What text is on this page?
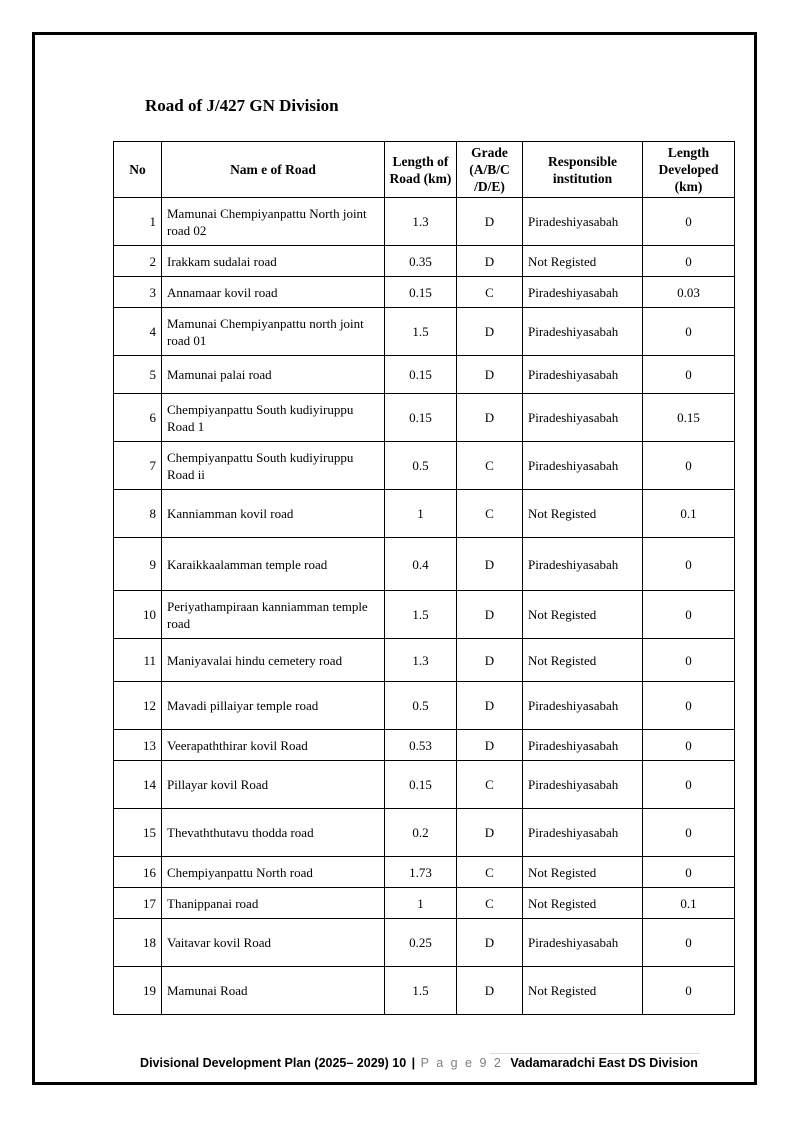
Road of J/427 GN Division
No	Nam e of Road	Length of Road (km)	Grade (A/B/C /D/E)	Responsible institution	Length Developed (km)
1	Mamunai Chempiyanpattu North joint road 02	1.3	D	Piradeshiyasabah	0
2	Irakkam sudalai road	0.35	D	Not Registed	0
3	Annamaar kovil road	0.15	C	Piradeshiyasabah	0.03
4	Mamunai Chempiyanpattu north joint road 01	1.5	D	Piradeshiyasabah	0
5	Mamunai palai road	0.15	D	Piradeshiyasabah	0
6	Chempiyanpattu South kudiyiruppu Road 1	0.15	D	Piradeshiyasabah	0.15
7	Chempiyanpattu South kudiyiruppu Road ii	0.5	C	Piradeshiyasabah	0
8	Kanniamman kovil road	1	C	Not Registed	0.1
9	Karaikkaalamman temple road	0.4	D	Piradeshiyasabah	0
10	Periyathampiraan kanniamman temple road	1.5	D	Not Registed	0
11	Maniyavalai hindu cemetery road	1.3	D	Not Registed	0
12	Mavadi pillaiyar temple road	0.5	D	Piradeshiyasabah	0
13	Veerapaththirar kovil Road	0.53	D	Piradeshiyasabah	0
14	Pillayar kovil Road	0.15	C	Piradeshiyasabah	0
15	Thevaththutavu thodda road	0.2	D	Piradeshiyasabah	0
16	Chempiyanpattu North road	1.73	C	Not Registed	0
17	Thanippanai road	1	C	Not Registed	0.1
18	Vaitavar kovil Road	0.25	D	Piradeshiyasabah	0
19	Mamunai Road	1.5	D	Not Registed	0
Divisional Development Plan (2025– 2029) 10 | P a g e 9 2 Vadamaradchi East DS Division
